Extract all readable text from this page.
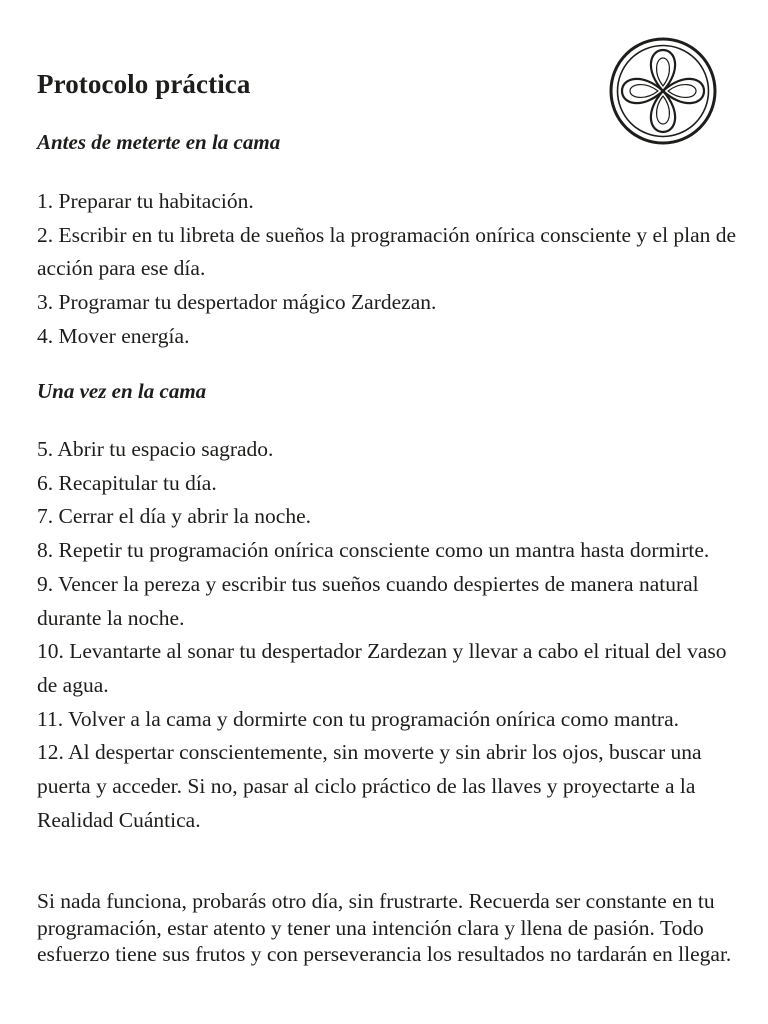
Protocolo práctica
Antes de meterte en la cama
1. Preparar tu habitación.
2. Escribir en tu libreta de sueños la programación onírica consciente y el plan de acción para ese día.
3. Programar tu despertador mágico Zardezan.
4. Mover energía.
Una vez en la cama
5. Abrir tu espacio sagrado.
6. Recapitular tu día.
7. Cerrar el día y abrir la noche.
8. Repetir tu programación onírica consciente como un mantra hasta dormirte.
9. Vencer la pereza y escribir tus sueños cuando despiertes de manera natural durante la noche.
10. Levantarte al sonar tu despertador Zardezan y llevar a cabo el ritual del vaso de agua.
11. Volver a la cama y dormirte con tu programación onírica como mantra.
12. Al despertar conscientemente, sin moverte y sin abrir los ojos, buscar una puerta y acceder. Si no, pasar al ciclo práctico de las llaves y proyectarte a la Realidad Cuántica.

Si nada funciona, probarás otro día, sin frustrarte. Recuerda ser constante en tu programación, estar atento y tener una intención clara y llena de pasión. Todo esfuerzo tiene sus frutos y con perseverancia los resultados no tardarán en llegar.
